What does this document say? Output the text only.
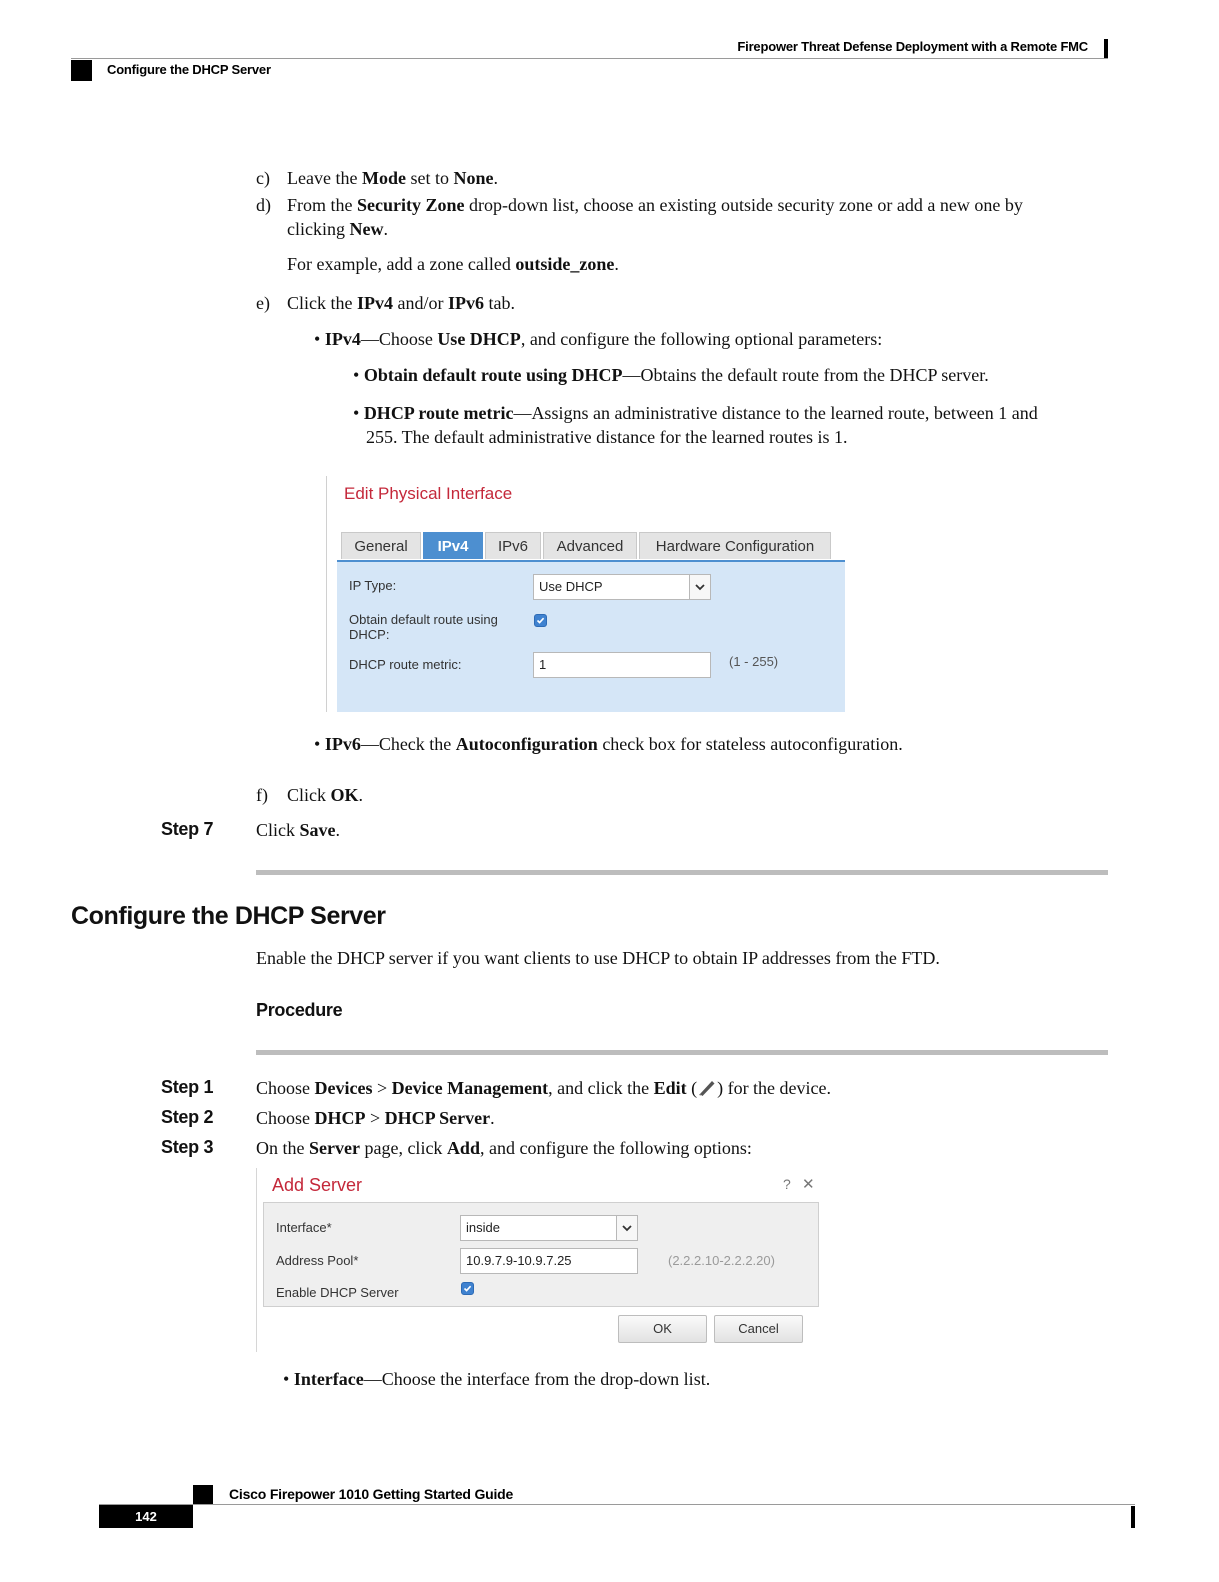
Firepower Threat Defense Deployment with a Remote FMC
Configure the DHCP Server
c) Leave the Mode set to None.
d) From the Security Zone drop-down list, choose an existing outside security zone or add a new one by
clicking New.
For example, add a zone called outside_zone.
e) Click the IPv4 and/or IPv6 tab.
• IPv4—Choose Use DHCP, and configure the following optional parameters:
• Obtain default route using DHCP—Obtains the default route from the DHCP server.
• DHCP route metric—Assigns an administrative distance to the learned route, between 1 and
255. The default administrative distance for the learned routes is 1.
Edit Physical Interface
General	IPv4	IPv6	Advanced	Hardware Configuration
IP Type:	Use DHCP
Obtain default route using
DHCP:
DHCP route metric:	1	(1 - 255)
• IPv6—Check the Autoconfiguration check box for stateless autoconfiguration.
f) Click OK.
Step 7 Click Save.
Configure the DHCP Server
Enable the DHCP server if you want clients to use DHCP to obtain IP addresses from the FTD.
Procedure
Step 1 Choose Devices > Device Management, and click the Edit ( ) for the device.
Step 2 Choose DHCP > DHCP Server.
Step 3 On the Server page, click Add, and configure the following options:
Add Server	? ✕
Interface*	inside
Address Pool*	10.9.7.9-10.9.7.25	(2.2.2.10-2.2.2.20)
Enable DHCP Server
OK	Cancel
• Interface—Choose the interface from the drop-down list.
Cisco Firepower 1010 Getting Started Guide
142
